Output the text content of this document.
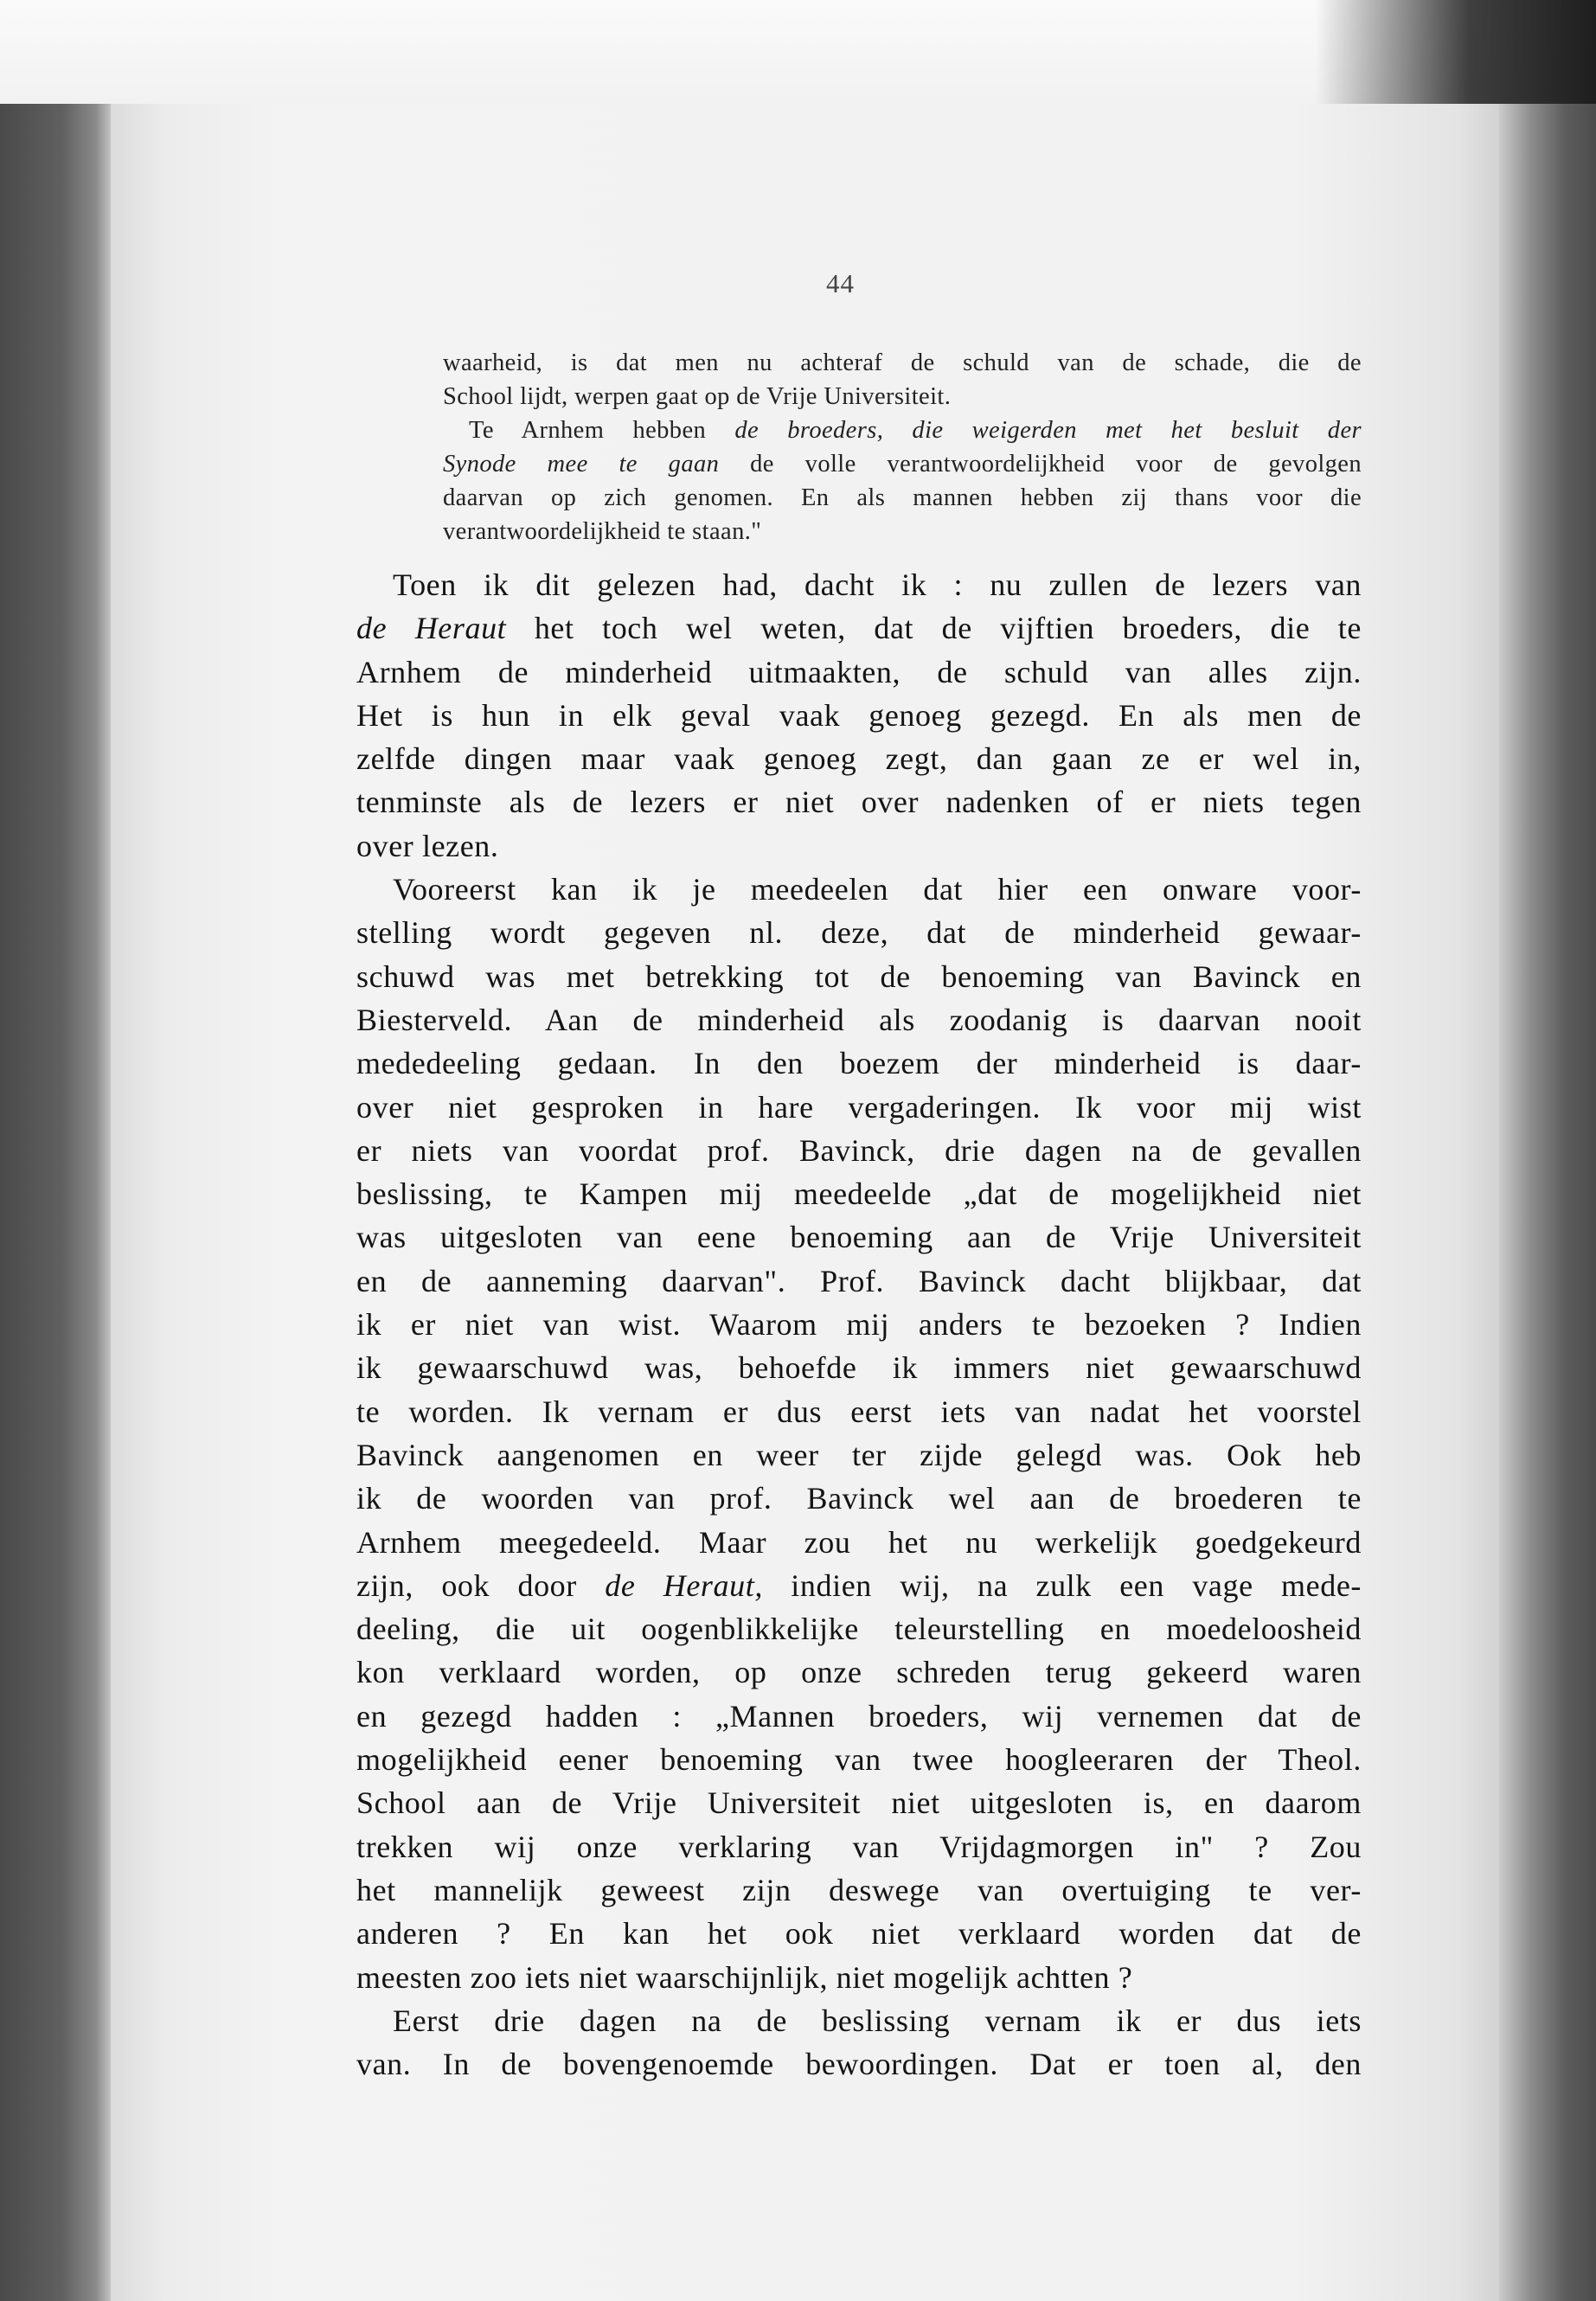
44
waarheid, is dat men nu achteraf de schuld van de schade, die de
School lijdt, werpen gaat op de Vrije Universiteit.
Te Arnhem hebben de broeders, die weigerden met het besluit der
Synode mee te gaan de volle verantwoordelijkheid voor de gevolgen
daarvan op zich genomen. En als mannen hebben zij thans voor die
verantwoordelijkheid te staan."
Toen ik dit gelezen had, dacht ik : nu zullen de lezers van
de Heraut het toch wel weten, dat de vijftien broeders, die te
Arnhem de minderheid uitmaakten, de schuld van alles zijn.
Het is hun in elk geval vaak genoeg gezegd. En als men de
zelfde dingen maar vaak genoeg zegt, dan gaan ze er wel in,
tenminste als de lezers er niet over nadenken of er niets tegen
over lezen.
Vooreerst kan ik je meedeelen dat hier een onware voor-
stelling wordt gegeven nl. deze, dat de minderheid gewaar-
schuwd was met betrekking tot de benoeming van Bavinck en
Biesterveld. Aan de minderheid als zoodanig is daarvan nooit
mededeeling gedaan. In den boezem der minderheid is daar-
over niet gesproken in hare vergaderingen. Ik voor mij wist
er niets van voordat prof. Bavinck, drie dagen na de gevallen
beslissing, te Kampen mij meedeelde „dat de mogelijkheid niet
was uitgesloten van eene benoeming aan de Vrije Universiteit
en de aanneming daarvan". Prof. Bavinck dacht blijkbaar, dat
ik er niet van wist. Waarom mij anders te bezoeken ? Indien
ik gewaarschuwd was, behoefde ik immers niet gewaarschuwd
te worden. Ik vernam er dus eerst iets van nadat het voorstel
Bavinck aangenomen en weer ter zijde gelegd was. Ook heb
ik de woorden van prof. Bavinck wel aan de broederen te
Arnhem meegedeeld. Maar zou het nu werkelijk goedgekeurd
zijn, ook door de Heraut, indien wij, na zulk een vage mede-
deeling, die uit oogenblikkelijke teleurstelling en moedeloosheid
kon verklaard worden, op onze schreden terug gekeerd waren
en gezegd hadden : „Mannen broeders, wij vernemen dat de
mogelijkheid eener benoeming van twee hoogleeraren der Theol.
School aan de Vrije Universiteit niet uitgesloten is, en daarom
trekken wij onze verklaring van Vrijdagmorgen in" ? Zou
het mannelijk geweest zijn deswege van overtuiging te ver-
anderen ? En kan het ook niet verklaard worden dat de
meesten zoo iets niet waarschijnlijk, niet mogelijk achtten ?
Eerst drie dagen na de beslissing vernam ik er dus iets
van. In de bovengenoemde bewoordingen. Dat er toen al, den
